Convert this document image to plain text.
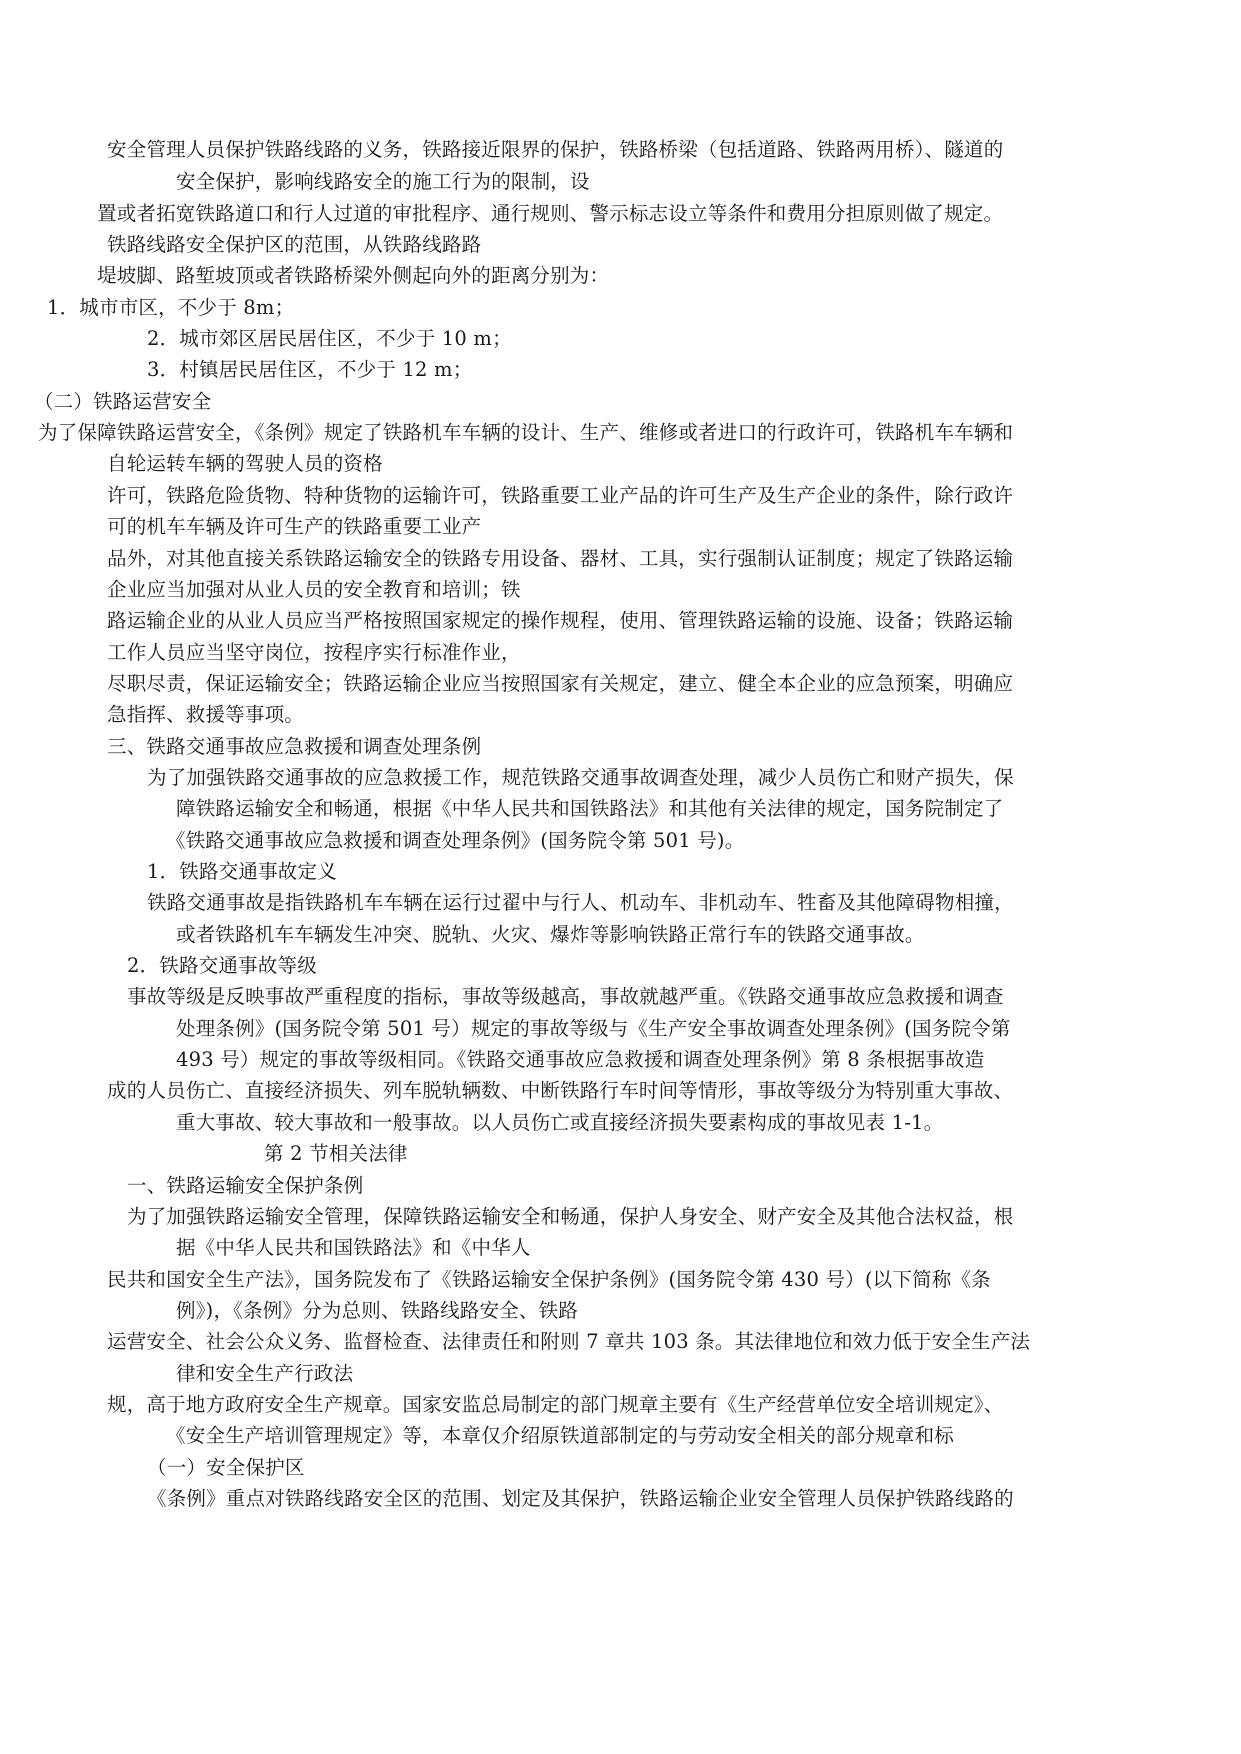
安全管理人员保护铁路线路的义务，铁路接近限界的保护，铁路桥梁（包括道路、铁路两用桥）、隧道的
安全保护，影响线路安全的施工行为的限制，设
置或者拓宽铁路道口和行人过道的审批程序、通行规则、警示标志设立等条件和费用分担原则做了规定。
铁路线路安全保护区的范围，从铁路线路路
堤坡脚、路堑坡顶或者铁路桥梁外侧起向外的距离分别为：
1．城市市区，不少于 8m；
2．城市郊区居民居住区，不少于 10 m；
3．村镇居民居住区，不少于 12 m；
（二）铁路运营安全
为了保障铁路运营安全，《条例》规定了铁路机车车辆的设计、生产、维修或者进口的行政许可，铁路机车车辆和
自轮运转车辆的驾驶人员的资格
许可，铁路危险货物、特种货物的运输许可，铁路重要工业产品的许可生产及生产企业的条件，除行政许
可的机车车辆及许可生产的铁路重要工业产
品外，对其他直接关系铁路运输安全的铁路专用设备、器材、工具，实行强制认证制度；规定了铁路运输
企业应当加强对从业人员的安全教育和培训；铁
路运输企业的从业人员应当严格按照国家规定的操作规程，使用、管理铁路运输的设施、设备；铁路运输
工作人员应当坚守岗位，按程序实行标准作业，
尽职尽责，保证运输安全；铁路运输企业应当按照国家有关规定，建立、健全本企业的应急预案，明确应
急指挥、救援等事项。
三、铁路交通事故应急救援和调查处理条例
为了加强铁路交通事故的应急救援工作，规范铁路交通事故调查处理，减少人员伤亡和财产损失，保
障铁路运输安全和畅通，根据《中华人民共和国铁路法》和其他有关法律的规定，国务院制定了
《铁路交通事故应急救援和调查处理条例》(国务院令第 501 号)。
1．铁路交通事故定义
铁路交通事故是指铁路机车车辆在运行过翟中与行人、机动车、非机动车、牲畜及其他障碍物相撞，
或者铁路机车车辆发生冲突、脱轨、火灾、爆炸等影响铁路正常行车的铁路交通事故。
2．铁路交通事故等级
事故等级是反映事故严重程度的指标，事故等级越高，事故就越严重。《铁路交通事故应急救援和调查
处理条例》(国务院令第 501 号）规定的事故等级与《生产安全事故调查处理条例》(国务院令第
493 号）规定的事故等级相同。《铁路交通事故应急救援和调查处理条例》第 8 条根据事故造
成的人员伤亡、直接经济损失、列车脱轨辆数、中断铁路行车时间等情形，事故等级分为特别重大事故、
重大事故、较大事故和一般事故。以人员伤亡或直接经济损失要素构成的事故见表 1-1。
第 2 节相关法律
一、铁路运输安全保护条例
为了加强铁路运输安全管理，保障铁路运输安全和畅通，保护人身安全、财产安全及其他合法权益，根
据《中华人民共和国铁路法》和《中华人
民共和国安全生产法》，国务院发布了《铁路运输安全保护条例》(国务院令第 430 号）(以下简称《条
例》)，《条例》分为总则、铁路线路安全、铁路
运营安全、社会公众义务、监督检查、法律责任和附则 7 章共 103 条。其法律地位和效力低于安全生产法
律和安全生产行政法
规，高于地方政府安全生产规章。国家安监总局制定的部门规章主要有《生产经营单位安全培训规定》、
《安全生产培训管理规定》等，本章仅介绍原铁道部制定的与劳动安全相关的部分规章和标
（一）安全保护区
《条例》重点对铁路线路安全区的范围、划定及其保护，铁路运输企业安全管理人员保护铁路线路的
